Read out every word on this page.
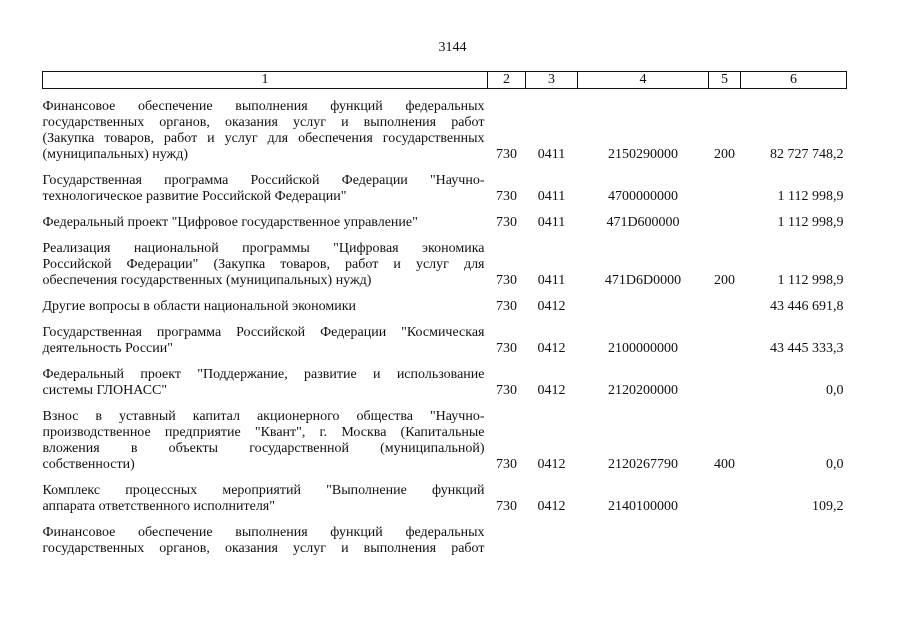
3144
1	2	3	4	5	6

Финансовое обеспечение выполнения функций федеральных
государственных органов, оказания услуг и выполнения работ
(Закупка товаров, работ и услуг для обеспечения государственных
(муниципальных) нужд)	730	0411	2150290000	200	82 727 748,2

Государственная программа Российской Федерации "Научно-
технологическое развитие Российской Федерации"	730	0411	4700000000		1 112 998,9

Федеральный проект "Цифровое государственное управление"	730	0411	471D600000		1 112 998,9

Реализация национальной программы "Цифровая экономика
Российской Федерации" (Закупка товаров, работ и услуг для
обеспечения государственных (муниципальных) нужд)	730	0411	471D6D0000	200	1 112 998,9

Другие вопросы в области национальной экономики	730	0412			43 446 691,8

Государственная программа Российской Федерации "Космическая
деятельность России"	730	0412	2100000000		43 445 333,3

Федеральный проект "Поддержание, развитие и использование
системы ГЛОНАСС"	730	0412	2120200000		0,0

Взнос в уставный капитал акционерного общества "Научно-
производственное предприятие "Квант", г. Москва (Капитальные
вложения в объекты государственной (муниципальной)
собственности)	730	0412	2120267790	400	0,0

Комплекс процессных мероприятий "Выполнение функций
аппарата ответственного исполнителя"	730	0412	2140100000		109,2

Финансовое обеспечение выполнения функций федеральных
государственных органов, оказания услуг и выполнения работ					
